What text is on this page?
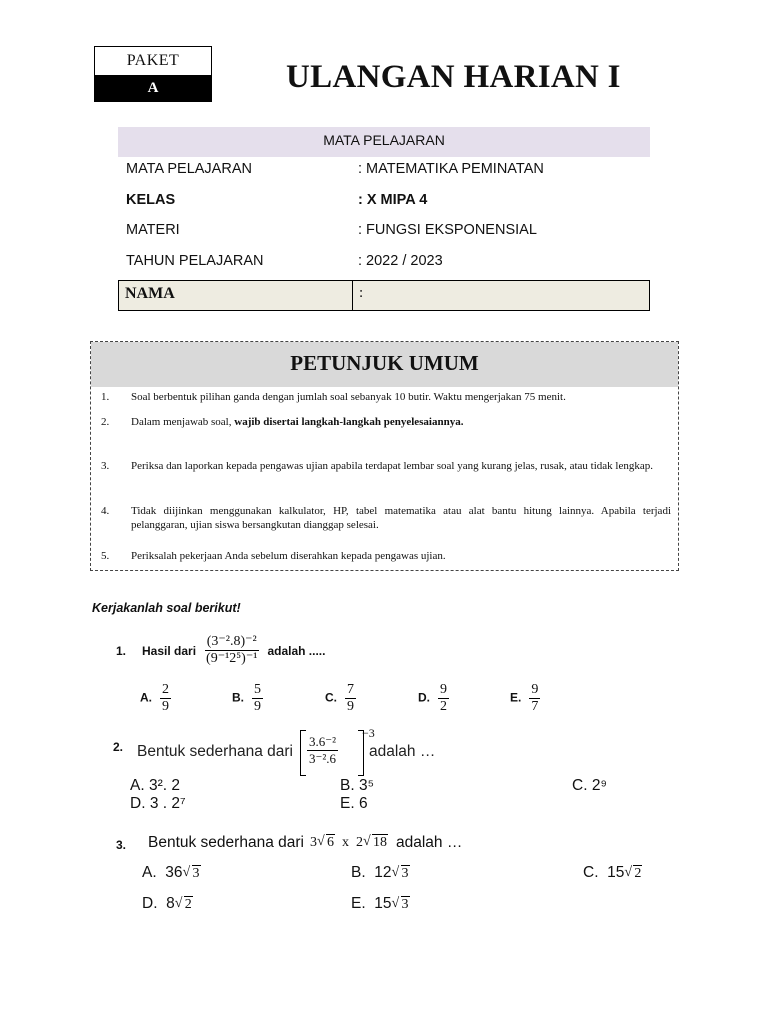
PAKET
A	ULANGAN HARIAN I
MATA PELAJARAN
MATA PELAJARAN	: MATEMATIKA PEMINATAN
KELAS	: X MIPA 4
MATERI	: FUNGSI EKSPONENSIAL
TAHUN PELAJARAN	: 2022 / 2023
NAMA	:
PETUNJUK UMUM
1. Soal berbentuk pilihan ganda dengan jumlah soal sebanyak 10 butir. Waktu mengerjakan 75 menit.
2. Dalam menjawab soal, wajib disertai langkah-langkah penyelesaiannya.
3. Periksa dan laporkan kepada pengawas ujian apabila terdapat lembar soal yang kurang jelas, rusak, atau tidak lengkap.
4. Tidak diijinkan menggunakan kalkulator, HP, tabel matematika atau alat bantu hitung lainnya. Apabila terjadi pelanggaran, ujian siswa bersangkutan dianggap selesai.
5. Periksalah pekerjaan Anda sebelum diserahkan kepada pengawas ujian.
Kerjakanlah soal berikut!
1. Hasil dari $\frac{\text{(3⁻².8)⁻²}}{\text{(9⁻¹2⁵)⁻¹}}$ adalah .....
A. $\frac{2}{9}$	B. $\frac{5}{9}$	C. $\frac{7}{9}$	D. $\frac{9}{2}$	E. $\frac{9}{7}$
2. Bentuk sederhana dari $\frac{\text{3.6⁻²}}{\text{3⁻².6}}$
−3
adalah …
A. 3². 2	B. 3⁵	C. 2⁹
D. 3 . 2⁷	E. 6
3. Bentuk sederhana dari 3 √ 6 x 2 √ 18 adalah …
A. 36 √ 3	B. 12 √ 3	C. 15 √ 2
D. 8 √ 2	E. 15 √ 3
